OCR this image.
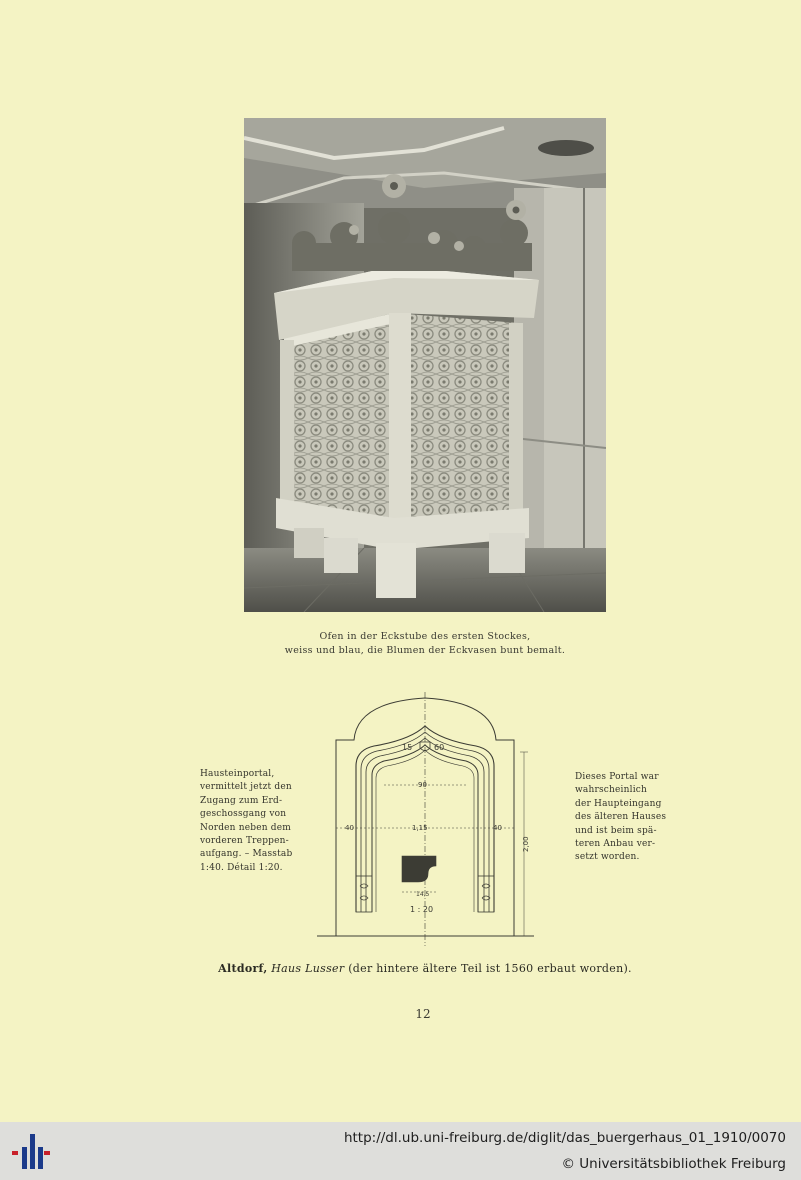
Ofen in der Eckstube des ersten Stockes,
weiss und blau, die Blumen der Eckvasen bunt bemalt.
Hausteinportal,
vermittelt jetzt den
Zugang zum Erd-
geschossgang von
Norden neben dem
vorderen Treppen-
aufgang. – Masstab
1:40. Détail 1:20.
15	60
90
40	1,15	40
2,00
14,5
1 : 20
Dieses Portal war
wahrscheinlich
der Haupteingang
des älteren Hauses
und ist beim spä-
teren Anbau ver-
setzt worden.
Altdorf, Haus Lusser (der hintere ältere Teil ist 1560 erbaut worden).
12
http://dl.ub.uni-freiburg.de/diglit/das_buergerhaus_01_1910/0070
© Universitätsbibliothek Freiburg
